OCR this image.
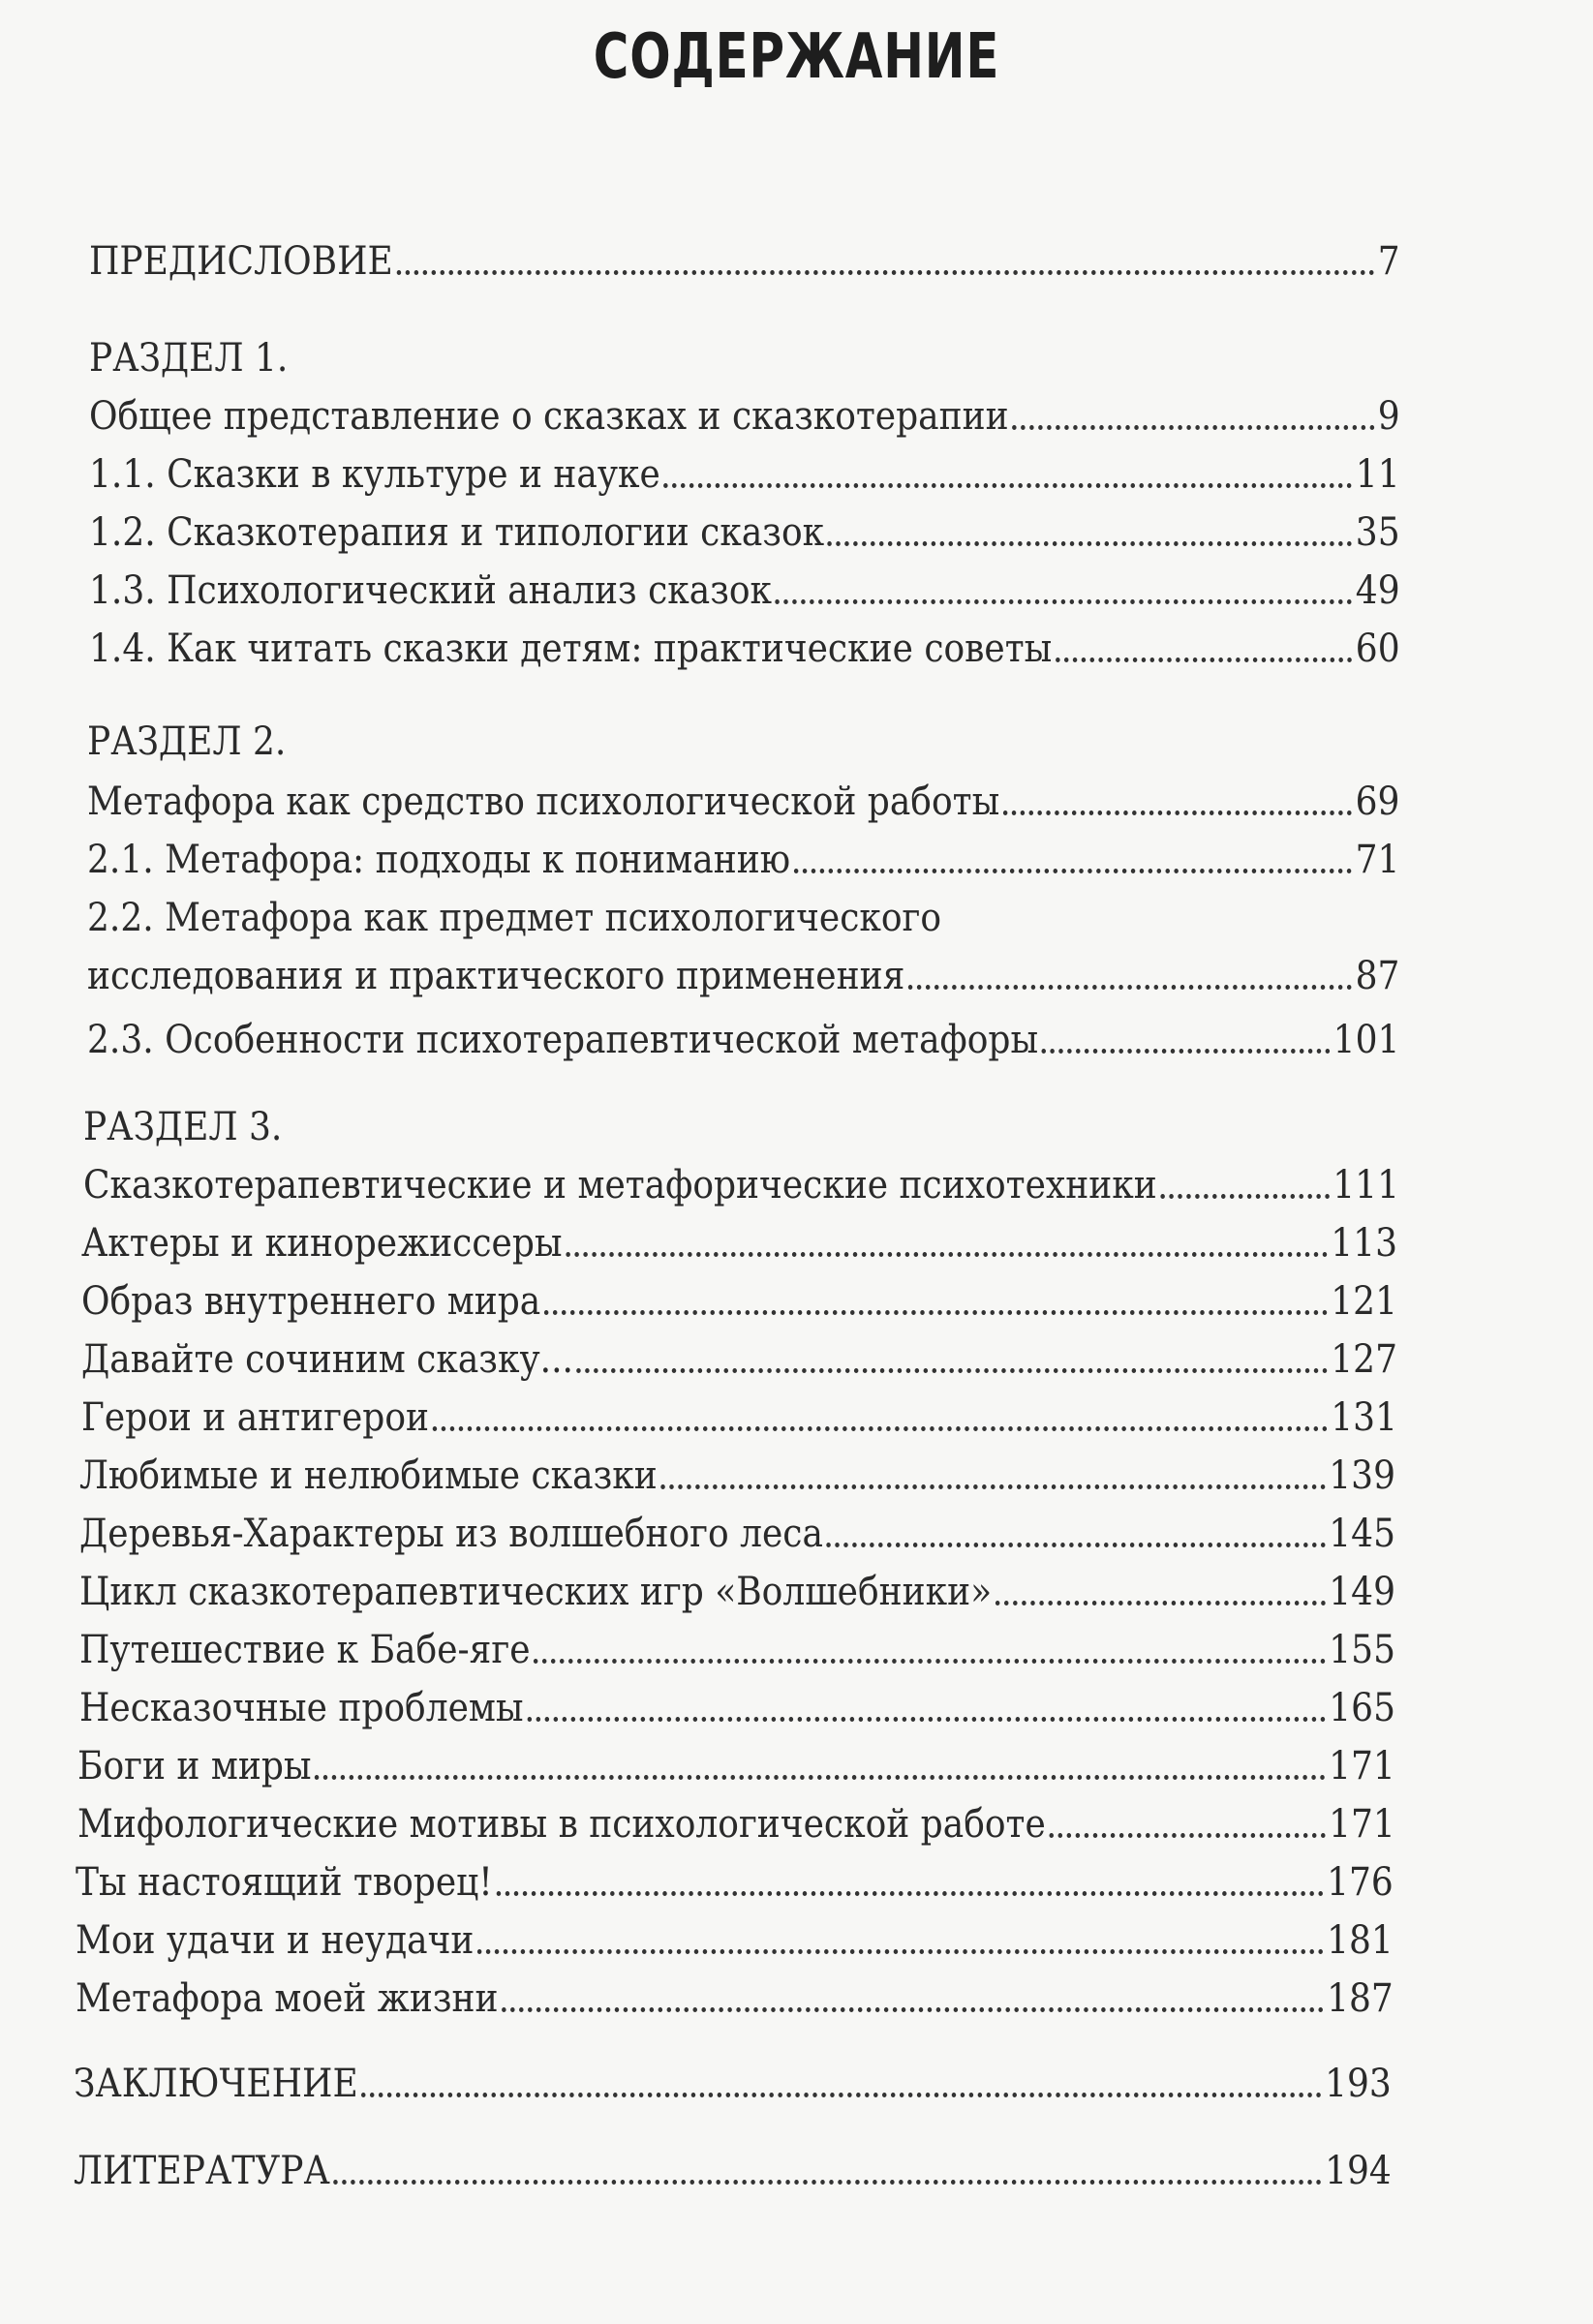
СОДЕРЖАНИЕ
ПРЕДИСЛОВИЕ	7
РАЗДЕЛ 1.
Общее представление о сказках и сказкотерапии	9
1.1. Сказки в культуре и науке	11
1.2. Сказкотерапия и типологии сказок	35
1.3. Психологический анализ сказок	49
1.4. Как читать сказки детям: практические советы	60
РАЗДЕЛ 2.
Метафора как средство психологической работы	69
2.1. Метафора: подходы к пониманию	71
2.2. Метафора как предмет психологического
исследования и практического применения	87
2.3. Особенности психотерапевтической метафоры	101
РАЗДЕЛ 3.
Сказкотерапевтические и метафорические психотехники	111
Актеры и кинорежиссеры	113
Образ внутреннего мира	121
Давайте сочиним сказку...	127
Герои и антигерои	131
Любимые и нелюбимые сказки	139
Деревья-Характеры из волшебного леса	145
Цикл сказкотерапевтических игр «Волшебники»	149
Путешествие к Бабе-яге	155
Несказочные проблемы	165
Боги и миры	171
Мифологические мотивы в психологической работе	171
Ты настоящий творец!	176
Мои удачи и неудачи	181
Метафора моей жизни	187
ЗАКЛЮЧЕНИЕ	193
ЛИТЕРАТУРА	194
